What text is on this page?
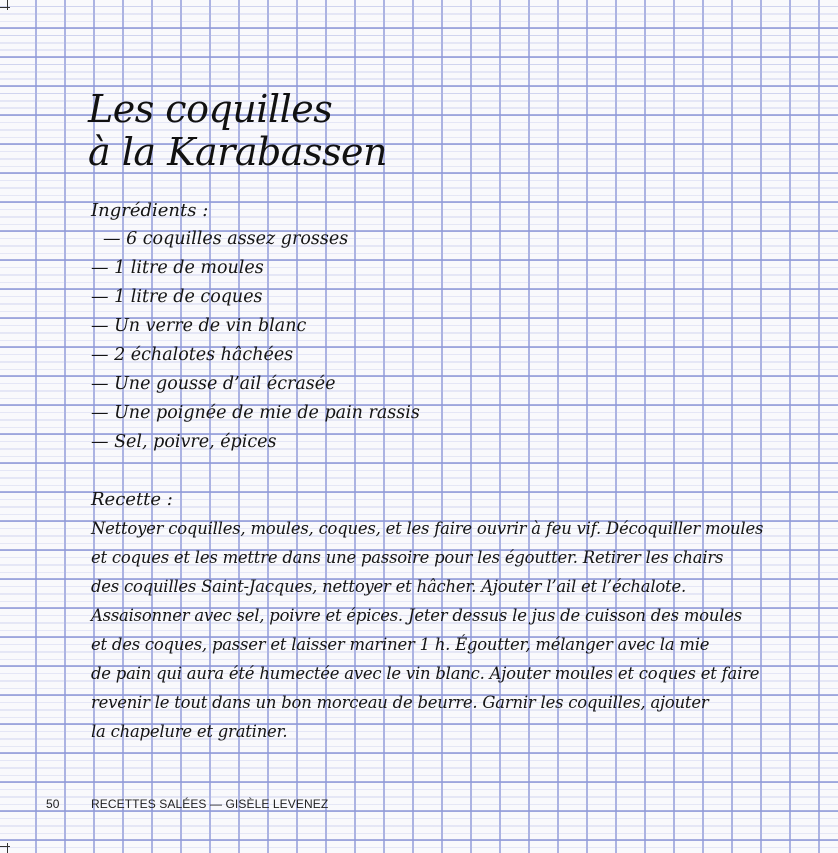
Les coquilles
à la Karabassen
Ingrédients :
— 6 coquilles assez grosses
— 1 litre de moules
— 1 litre de coques
— Un verre de vin blanc
— 2 échalotes hâchées
— Une gousse d’ail écrasée
— Une poignée de mie de pain rassis
— Sel, poivre, épices
Recette :
Nettoyer coquilles, moules, coques, et les faire ouvrir à feu vif. Décoquiller moules
et coques et les mettre dans une passoire pour les égoutter. Retirer les chairs
des coquilles Saint-Jacques, nettoyer et hâcher. Ajouter l’ail et l’échalote.
Assaisonner avec sel, poivre et épices. Jeter dessus le jus de cuisson des moules
et des coques, passer et laisser mariner 1 h. Égoutter, mélanger avec la mie
de pain qui aura été humectée avec le vin blanc. Ajouter moules et coques et faire
revenir le tout dans un bon morceau de beurre. Garnir les coquilles, ajouter
la chapelure et gratiner.
50	RECETTES SALÉES — GISÈLE LEVENEZ
